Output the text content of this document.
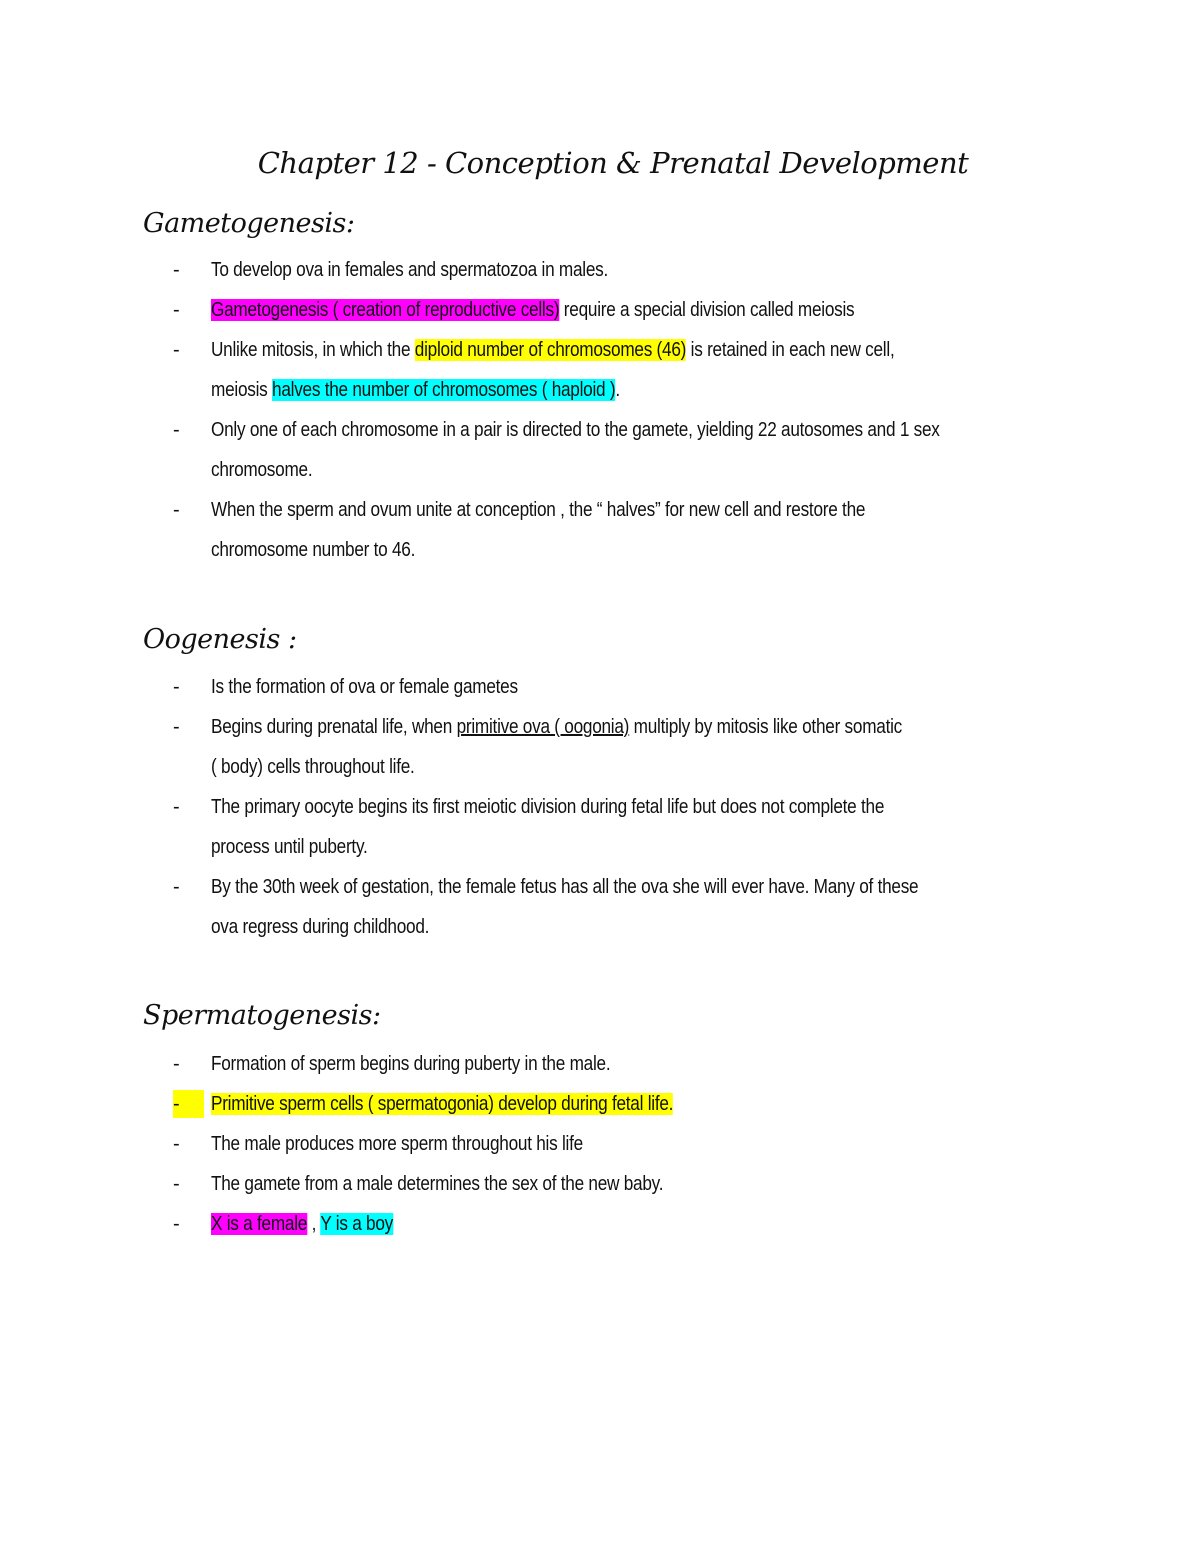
Chapter 12 - Conception & Prenatal Development
Gametogenesis:
- To develop ova in females and spermatozoa in males.
- Gametogenesis ( creation of reproductive cells) require a special division called meiosis
- Unlike mitosis, in which the diploid number of chromosomes (46) is retained in each new cell,
meiosis halves the number of chromosomes ( haploid ).
- Only one of each chromosome in a pair is directed to the gamete, yielding 22 autosomes and 1 sex
chromosome.
- When the sperm and ovum unite at conception , the “ halves” for new cell and restore the
chromosome number to 46.
Oogenesis :
- Is the formation of ova or female gametes
- Begins during prenatal life, when primitive ova ( oogonia) multiply by mitosis like other somatic
( body) cells throughout life.
- The primary oocyte begins its first meiotic division during fetal life but does not complete the
process until puberty.
- By the 30th week of gestation, the female fetus has all the ova she will ever have. Many of these
ova regress during childhood.
Spermatogenesis:
- Formation of sperm begins during puberty in the male.
-	Primitive sperm cells ( spermatogonia) develop during fetal life.
- The male produces more sperm throughout his life
- The gamete from a male determines the sex of the new baby.
- X is a female , Y is a boy
